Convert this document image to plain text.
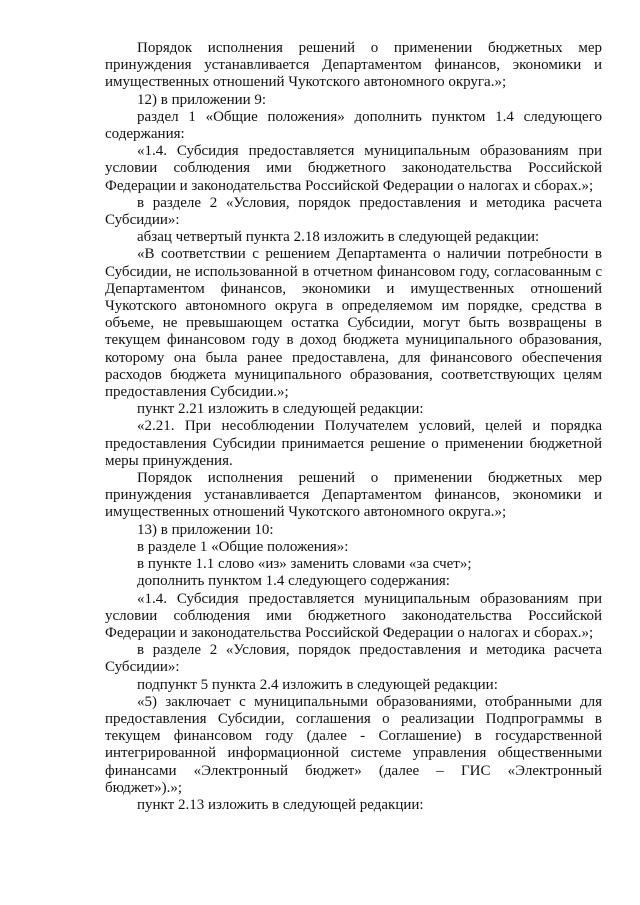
Порядок исполнения решений о применении бюджетных мер принуждения устанавливается Департаментом финансов, экономики и имущественных отношений Чукотского автономного округа.»;

12) в приложении 9:

раздел 1 «Общие положения» дополнить пунктом 1.4 следующего содержания:

«1.4. Субсидия предоставляется муниципальным образованиям при условии соблюдения ими бюджетного законодательства Российской Федерации и законодательства Российской Федерации о налогах и сборах.»;

в разделе 2 «Условия, порядок предоставления и методика расчета Субсидии»:

абзац четвертый пункта 2.18 изложить в следующей редакции:

«В соответствии с решением Департамента о наличии потребности в Субсидии, не использованной в отчетном финансовом году, согласованным с Департаментом финансов, экономики и имущественных отношений Чукотского автономного округа в определяемом им порядке, средства в объеме, не превышающем остатка Субсидии, могут быть возвращены в текущем финансовом году в доход бюджета муниципального образования, которому она была ранее предоставлена, для финансового обеспечения расходов бюджета муниципального образования, соответствующих целям предоставления Субсидии.»;

пункт 2.21 изложить в следующей редакции:

«2.21. При несоблюдении Получателем условий, целей и порядка предоставления Субсидии принимается решение о применении бюджетной меры принуждения.

Порядок исполнения решений о применении бюджетных мер принуждения устанавливается Департаментом финансов, экономики и имущественных отношений Чукотского автономного округа.»;

13) в приложении 10:

в разделе 1 «Общие положения»:

в пункте 1.1 слово «из» заменить словами «за счет»;

дополнить пунктом 1.4 следующего содержания:

«1.4. Субсидия предоставляется муниципальным образованиям при условии соблюдения ими бюджетного законодательства Российской Федерации и законодательства Российской Федерации о налогах и сборах.»;

в разделе 2 «Условия, порядок предоставления и методика расчета Субсидии»:

подпункт 5 пункта 2.4 изложить в следующей редакции:

«5) заключает с муниципальными образованиями, отобранными для предоставления Субсидии, соглашения о реализации Подпрограммы в текущем финансовом году (далее - Соглашение) в государственной интегрированной информационной системе управления общественными финансами «Электронный бюджет» (далее – ГИС «Электронный бюджет»).»;

пункт 2.13 изложить в следующей редакции:
